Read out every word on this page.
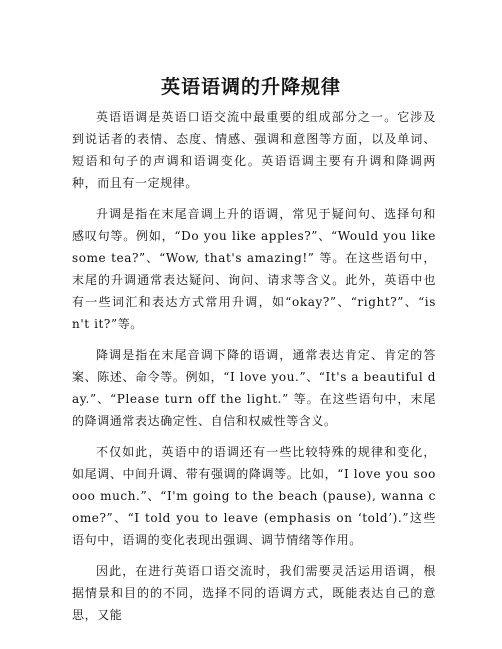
英语语调的升降规律

英语语调是英语口语交流中最重要的组成部分之一。它涉及到说话者的表情、态度、情感、强调和意图等方面，以及单词、短语和句子的声调和语调变化。英语语调主要有升调和降调两种，而且有一定规律。

升调是指在末尾音调上升的语调，常见于疑问句、选择句和感叹句等。例如，“Do you like apples?”、“Would you like some tea?”、“Wow, that's amazing!” 等。在这些语句中，末尾的升调通常表达疑问、询问、请求等含义。此外，英语中也有一些词汇和表达方式常用升调，如“okay?”、“right?”、“isn't it?”等。

降调是指在末尾音调下降的语调，通常表达肯定、肯定的答案、陈述、命令等。例如，“I love you.”、“It's a beautiful day.”、“Please turn off the light.” 等。在这些语句中，末尾的降调通常表达确定性、自信和权威性等含义。

不仅如此，英语中的语调还有一些比较特殊的规律和变化，如尾调、中间升调、带有强调的降调等。比如，“I love you sooooo much.”、“I'm going to the beach (pause), wanna come?”、“I told you to leave (emphasis on ‘told’).”这些语句中，语调的变化表现出强调、调节情绪等作用。

因此，在进行英语口语交流时，我们需要灵活运用语调，根据情景和目的的不同，选择不同的语调方式，既能表达自己的意思，又能
